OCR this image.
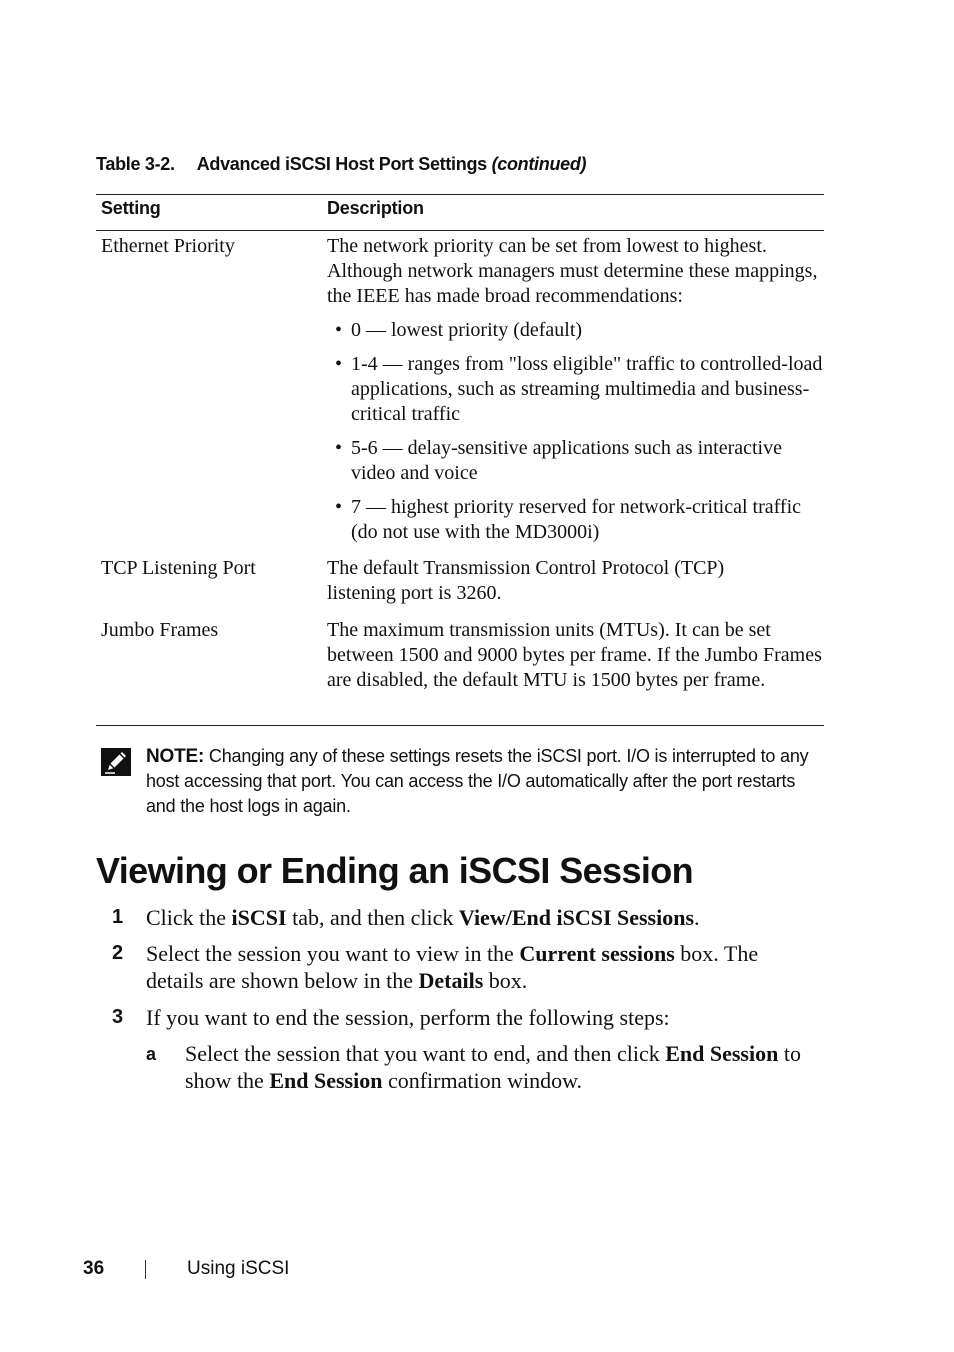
Table 3-2. Advanced iSCSI Host Port Settings (continued)
Setting	Description
Ethernet Priority	The network priority can be set from lowest to highest. Although network managers must determine these mappings, the IEEE has made broad recommendations:
• 0 — lowest priority (default)
• 1-4 — ranges from "loss eligible" traffic to controlled-load applications, such as streaming multimedia and business-critical traffic
• 5-6 — delay-sensitive applications such as interactive video and voice
• 7 — highest priority reserved for network-critical traffic (do not use with the MD3000i)
TCP Listening Port	The default Transmission Control Protocol (TCP) listening port is 3260.
Jumbo Frames	The maximum transmission units (MTUs). It can be set between 1500 and 9000 bytes per frame. If the Jumbo Frames are disabled, the default MTU is 1500 bytes per frame.
NOTE: Changing any of these settings resets the iSCSI port. I/O is interrupted to any host accessing that port. You can access the I/O automatically after the port restarts and the host logs in again.
Viewing or Ending an iSCSI Session
1 Click the iSCSI tab, and then click View/End iSCSI Sessions.
2 Select the session you want to view in the Current sessions box. The details are shown below in the Details box.
3 If you want to end the session, perform the following steps:
a Select the session that you want to end, and then click End Session to show the End Session confirmation window.
36	Using iSCSI
